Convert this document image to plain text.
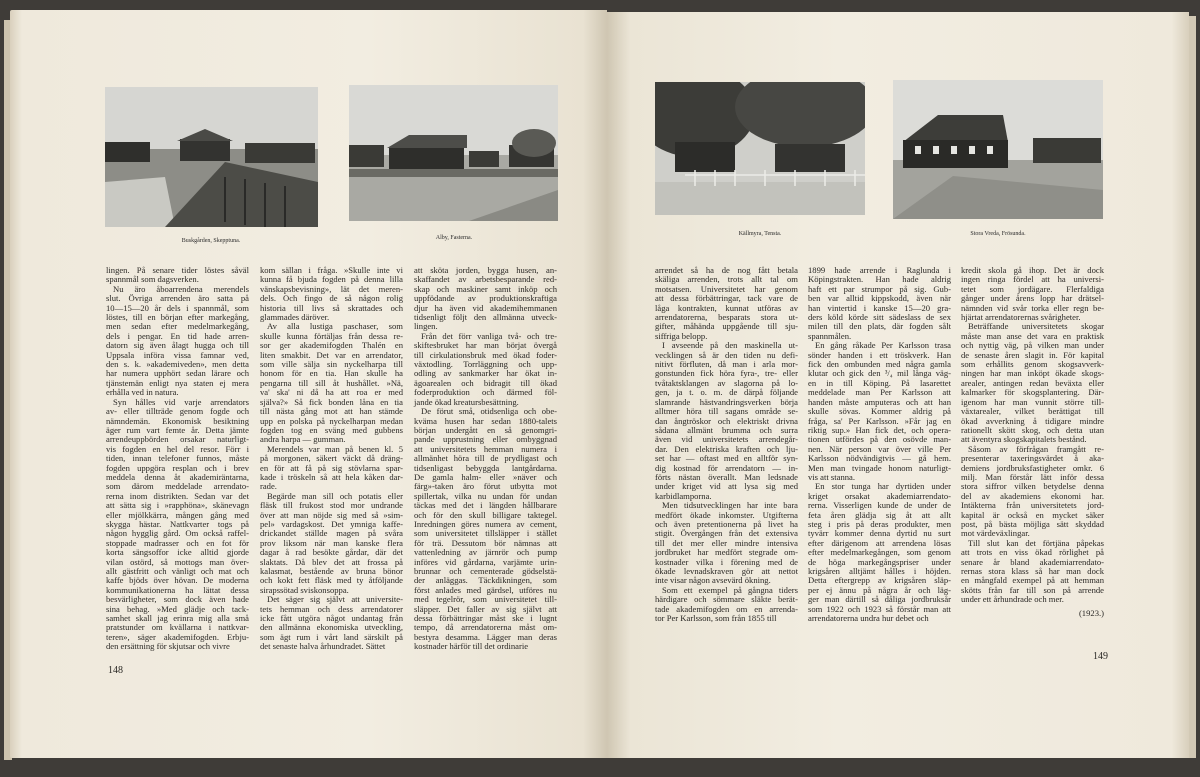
Buskgården, Skepptuna.	Alby, Fasterna.
Källmyra, Tensta.	Stora Vreda, Frösunda.
lingen. På senare tider löstes såväl
spannmål som dagsverken.
Nu äro åboarrendena merendels
slut. Övriga arrenden äro satta på
10—15—20 år dels i spannmål, som
löstes, till en början efter markegång,
men sedan efter medelmarkegång,
dels i pengar. En tid hade arren-
datorn sig även ålagt hugga och till
Uppsala införa vissa famnar ved,
den s. k. »akademiveden», men detta
har numera upphört sedan lärare och
tjänstemän enligt nya staten ej mera
erhålla ved in natura.
Syn hålles vid varje arrendators
av- eller tillträde genom fogde och
nämndemän. Ekonomisk besiktning
äger rum vart femte år. Detta jämte
arrendeuppbörden orsakar naturligt-
vis fogden en hel del resor. Förr i
tiden, innan telefoner funnos, måste
fogden uppgöra resplan och i brev
meddela denna åt akademiräntarna,
som därom meddelade arrendato-
rerna inom distrikten. Sedan var det
att sätta sig i »rapphöna», skänevagn
eller mjölkkärra, mången gång med
skygga hästar. Nattkvarter togs på
någon hygglig gård. Om också raffel-
stoppade madrasser och en fot för
korta sängsoffor icke alltid gjorde
vilan ostörd, så mottogs man över-
allt gästfritt och vänligt och mat och
kaffe bjöds över hövan. De moderna
kommunikationerna ha lättat dessa
besvärligheter, som dock även hade
sina behag. »Med glädje och tack-
samhet skall jag erinra mig alla små
pratstunder om kvällarna i nattkvar-
teren», säger akademifogden. Erbju-
den ersättning för skjutsar och vivre
kom sällan i fråga. »Skulle inte vi
kunna få bjuda fogden på denna lilla
vänskapsbevisning», lät det meren-
dels. Och fingo de så någon rolig
historia till livs så skrattades och
glammades däröver.
Av alla lustiga paschaser, som
skulle kunna förtäljas från dessa re-
sor ger akademifogden Thalén en
liten smakbit. Det var en arrendator,
som ville sälja sin nyckelharpa till
honom för en tia. Han skulle ha
pengarna till sill åt hushållet. »Nä,
va' ska' ni då ha att roa er med
själva?» Så fick bonden låna en tia
till nästa gång mot att han stämde
upp en polska på nyckelharpan medan
fogden tog en sväng med gubbens
andra harpa — gumman.
Merendels var man på benen kl. 5
på morgonen, säkert väckt då dräng-
en för att få på sig stövlarna spar-
kade i tröskeln så att hela kåken dar-
rade.
Begärde man sill och potatis eller
fläsk till frukost stod mor undrande
över att man nöjde sig med så »sim-
pel» vardagskost. Det ymniga kaffe-
drickandet ställde magen på svåra
prov liksom när man kanske flera
dagar å rad besökte gårdar, där det
slaktats. Då blev det att frossa på
kalasmat, bestående av bruna bönor
och kokt fett fläsk med ty åtföljande
sirapssötad sviskonsoppa.
Det säger sig självt att universite-
tets hemman och dess arrendatorer
icke fått utgöra något undantag från
den allmänna ekonomiska utveckling,
som ägt rum i vårt land särskilt på
det senaste halva århundradet. Sättet
att sköta jorden, bygga husen, an-
skaffandet av arbetsbesparande red-
skap och maskiner samt inköp och
uppfödande av produktionskraftiga
djur ha även vid akademihemmanen
tidsenligt följt den allmänna utveck-
lingen.
Från det förr vanliga två- och tre-
skiftesbruket har man börjat övergå
till cirkulationsbruk med ökad foder-
växtodling. Torrläggning och upp-
odling av sankmarker har ökat in-
ägoarealen och bidragit till ökad
foderproduktion och därmed föl-
jande ökad kreatursbesättning.
De förut små, otidsenliga och obe-
kväma husen har sedan 1880-talets
början undergått en så genomgri-
pande upprustning eller ombyggnad
att universitetets hemman numera i
allmänhet höra till de prydligast och
tidsenligast bebyggda lantgårdarna.
De gamla halm- eller »näver och
färg»-taken äro förut utbytta mot
spillertak, vilka nu undan för undan
täckas med det i längden hållbarare
och för den skull billigare taktegel.
Inredningen göres numera av cement,
som universitetet tillsläpper i stället
för trä. Dessutom bör nämnas att
vattenledning av järnrör och pump
införes vid gårdarna, varjämte urin-
brunnar och cementerade gödselstä-
der anläggas. Täckdikningen, som
först anlades med gärdsel, utföres nu
med tegelrör, som universitetet till-
släpper. Det faller av sig självt att
dessa förbättringar måst ske i lugnt
tempo, då arrendatorerna måst om-
bestyra desamma. Lägger man deras
kostnader härför till det ordinarie
arrendet så ha de nog fått betala
skäliga arrenden, trots allt tal om
motsatsen. Universitetet har genom
att dessa förbättringar, tack vare de
låga kontrakten, kunnat utföras av
arrendatorerna, besparats stora ut-
gifter, måhända uppgående till sju-
siffriga belopp.
I avseende på den maskinella ut-
vecklingen så är den tiden nu defi-
nitivt förfluten, då man i arla mor-
gonstunden fick höra fyra-, tre- eller
tvåtaktsklangen av slagorna på lo-
gen, ja t. o. m. de därpå följande
slamrande hästvandringsverken börja
alltmer höra till sagans område se-
dan ångtröskor och elektriskt drivna
sådana allmänt brumma och surra
även vid universitetets arrendegår-
dar. Den elektriska kraften och lju-
set har — oftast med en alltför syn-
dig kostnad för arrendatorn — in-
förts nästan överallt. Man ledsnade
under kriget vid att lysa sig med
karbidlamporna.
Men tidsutvecklingen har inte bara
medfört ökade inkomster. Utgifterna
och även pretentionerna på livet ha
stigit. Övergången från det extensiva
till det mer eller mindre intensiva
jordbruket har medfört stegrade om-
kostnader vilka i förening med de
ökade levnadskraven gör att nettot
inte visar någon avsevärd ökning.
Som ett exempel på gångna tiders
härdigare och sömmare släkte berät-
tade akademifogden om en arrenda-
tor Per Karlsson, som från 1855 till
1899 hade arrende i Raglunda i
Köpingstrakten. Han hade aldrig
haft ett par strumpor på sig. Gub-
ben var alltid kippskodd, även när
han vintertid i kanske 15—20 gra-
ders köld körde sitt sädeslass de sex
milen till den plats, där fogden sålt
spannmålen.
En gång råkade Per Karlsson trasa
sönder handen i ett tröskverk. Han
fick den ombunden med några gamla
klutar och gick den ³/₄ mil långa väg-
en in till Köping. På lasarettet
meddelade man Per Karlsson att
handen måste amputeras och att han
skulle sövas. Kommer aldrig på
fråga, sa' Per Karlsson. »Får jag en
riktig sup.» Han fick det, och opera-
tionen utfördes på den osövde man-
nen. När person var över ville Per
Karlsson nödvändigtvis — gå hem.
Men man tvingade honom naturligt-
vis att stanna.
En stor tunga har dyrtiden under
kriget orsakat akademiarrendato-
rerna. Visserligen kunde de under de
feta åren glädja sig åt att allt
steg i pris på deras produkter, men
tyvärr kommer denna dyrtid nu surt
efter därigenom att arrendena lösas
efter medelmarkegången, som genom
de höga markegångspriser under
krigsåren alltjämt hålles i höjden.
Detta eftergrepp av krigsåren släp-
per ej ännu på några år och läg-
ger man därtill så dåliga jordbruksår
som 1922 och 1923 så förstår man att
arrendatorerna undra hur debet och
kredit skola gå ihop. Det är dock
ingen ringa fördel att ha universi-
tetet som jordägare. Flerfaldiga
gånger under årens lopp har drätsel-
nämnden vid svår torka eller regn be-
hjärtat arrendatorernas svårigheter.
Beträffande universitetets skogar
måste man anse det vara en praktisk
och nyttig väg, på vilken man under
de senaste åren slagit in. För kapital
som erhållits genom skogsavverk-
ningen har man inköpt ökade skogs-
arealer, antingen redan beväxta eller
kalmarker för skogsplantering. Där-
igenom har man vunnit större till-
växtarealer, vilket berättigat till
ökad avverkning å tidigare mindre
rationellt skött skog, och detta utan
att äventyra skogskapitalets bestånd.
Såsom av förfrågan framgått re-
presenterar taxeringsvärdet å aka-
demiens jordbruksfastigheter omkr. 6
milj. Man förstår lätt inför dessa
stora siffror vilken betydelse denna
del av akademiens ekonomi har.
Intäkterna från universitetets jord-
kapital är också en mycket säker
post, på bästa möjliga sätt skyddad
mot värdeväxlingar.
Till slut kan det förtjäna påpekas
att trots en viss ökad rörlighet på
senare år bland akademiarrendato-
rernas stora klass så har man dock
en mångfald exempel på att hemman
skötts från far till son på arrende
under ett århundrade och mer.
(1923.)
148
149
